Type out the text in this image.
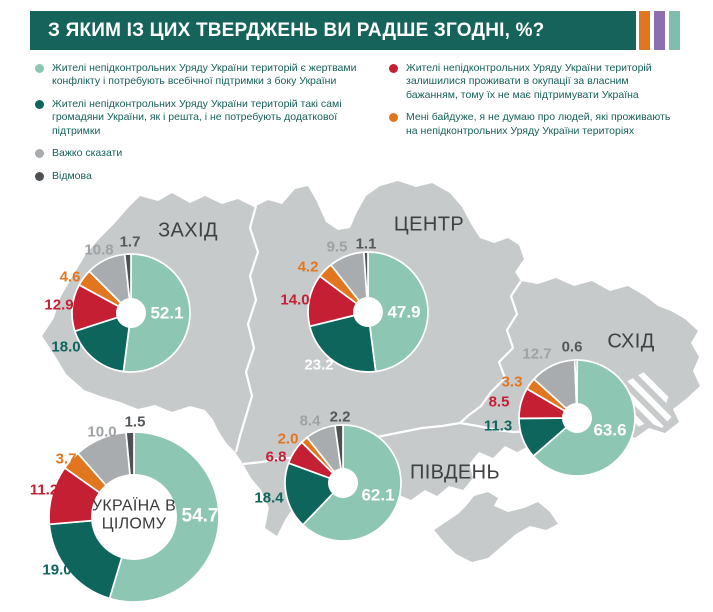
З ЯКИМ ІЗ ЦИХ ТВЕРДЖЕНЬ ВИ РАДШЕ ЗГОДНІ, %?
Жителі непідконтрольних Уряду України територій є жертвами конфлікту і потребують всебічної підтримки з боку України
Жителі непідконтрольних Уряду України територій такі самі громадяни України, як і решта, і не потребують додаткової підтримки
Важко сказати
Відмова
Жителі непідконтрольних Уряду України територій залишилися проживати в окупації за власним бажанням, тому їх не має підтримувати Україна
Мені байдуже, я не думаю про людей, які проживають на непідконтрольних Уряду України територіях
52.1
18.0
12.9
4.6
10.8 1.7
47.9
23.2
14.0
4.2
9.5 1.1
63.6
11.3
8.5
3.3
12.7 0.6
62.1
18.4
6.8
2.0
8.4 2.2
54.7
19.0
11.2
3.7
10.0
1.5
ЗАХІД	ЦЕНТР
СХІД
ПІВДЕНЬ
УКРАЇНА В ЦІЛОМУ
